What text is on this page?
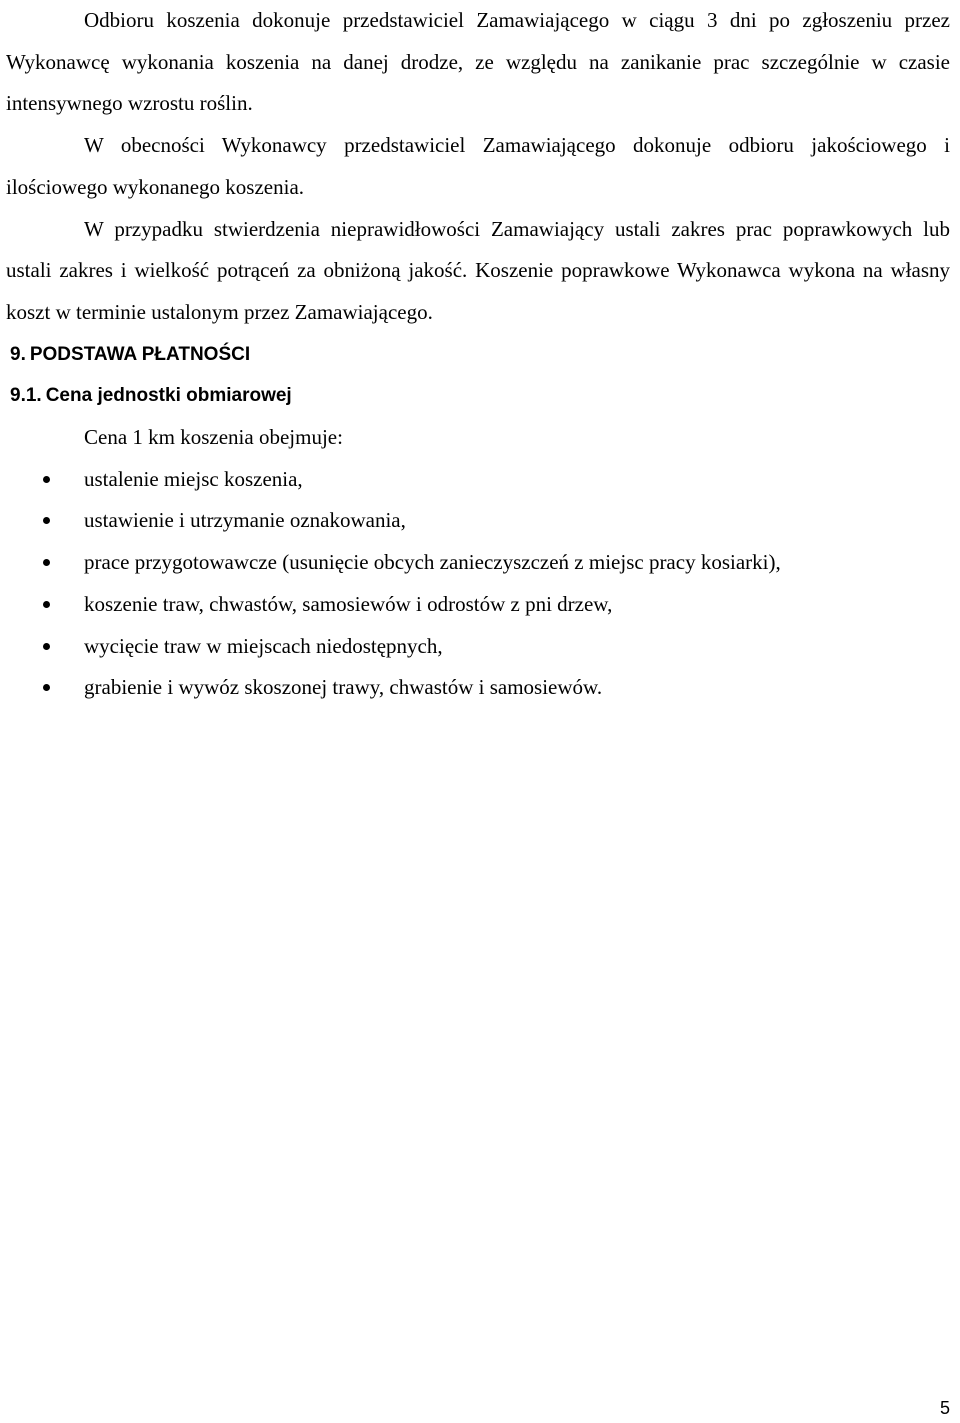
Odbioru koszenia dokonuje przedstawiciel Zamawiającego w ciągu 3 dni po zgłoszeniu przez Wykonawcę wykonania koszenia na danej drodze, ze względu na zanikanie prac szczególnie w czasie intensywnego wzrostu roślin.

W obecności Wykonawcy przedstawiciel Zamawiającego dokonuje odbioru jakościowego i ilościowego wykonanego koszenia.

W przypadku stwierdzenia nieprawidłowości Zamawiający ustali zakres prac poprawkowych lub ustali zakres i wielkość potrąceń za obniżoną jakość. Koszenie poprawkowe Wykonawca wykona na własny koszt w terminie ustalonym przez Zamawiającego.

9. PODSTAWA PŁATNOŚCI

9.1. Cena jednostki obmiarowej

Cena 1 km koszenia obejmuje:

ustalenie miejsc koszenia,
ustawienie i utrzymanie oznakowania,
prace przygotowawcze (usunięcie obcych zanieczyszczeń z miejsc pracy kosiarki),
koszenie traw, chwastów, samosiewów i odrostów z pni drzew,
wycięcie traw w miejscach niedostępnych,
grabienie i wywóz skoszonej trawy, chwastów i samosiewów.
5
